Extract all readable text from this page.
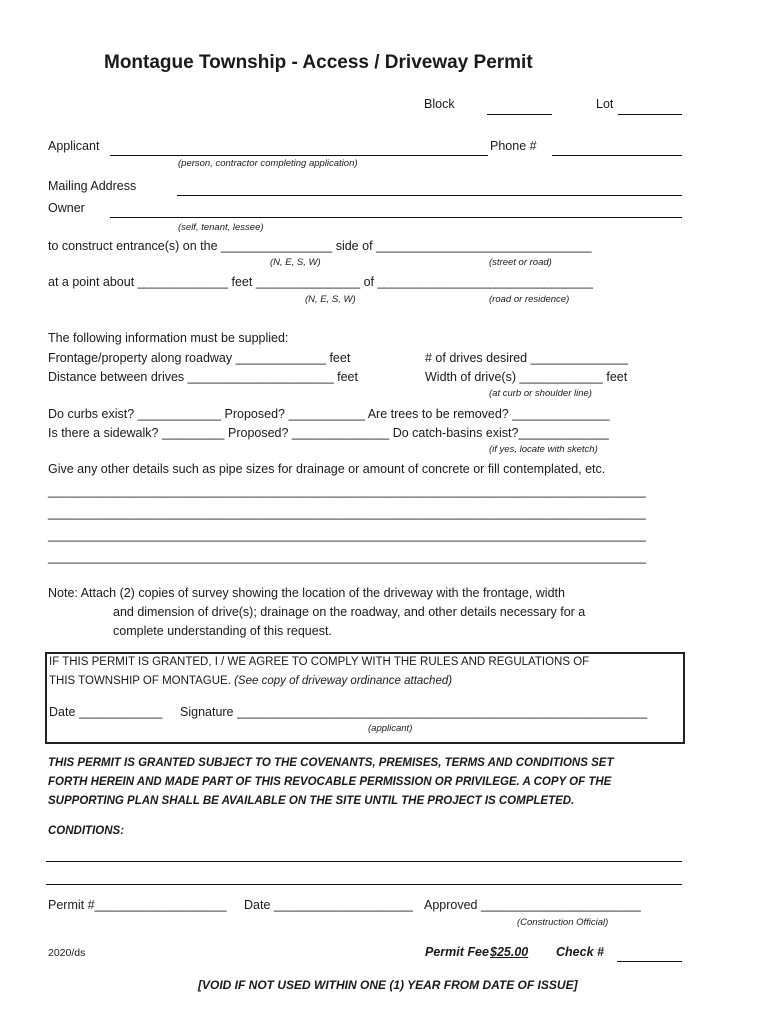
Montague Township - Access / Driveway Permit
Block	Lot
Applicant	Phone #
(person, contractor completing application)
Mailing Address
Owner
(self, tenant, lessee)
to construct entrance(s) on the ________________ side of _______________________________
(N, E, S, W)	(street or road)
at a point about _____________ feet _______________ of _______________________________
(N, E, S, W)	(road or residence)
The following information must be supplied:
Frontage/property along roadway _____________ feet	# of drives desired ______________
Distance between drives _____________________ feet	Width of drive(s) ____________ feet
(at curb or shoulder line)
Do curbs exist? ____________ Proposed? ___________ Are trees to be removed? ______________
Is there a sidewalk? _________ Proposed? ______________ Do catch-basins exist?_____________
(if yes, locate with sketch)
Give any other details such as pipe sizes for drainage or amount of concrete or fill contemplated, etc.
______________________________________________________________________________________
______________________________________________________________________________________
______________________________________________________________________________________
______________________________________________________________________________________
Note: Attach (2) copies of survey showing the location of the driveway with the frontage, width
and dimension of drive(s); drainage on the roadway, and other details necessary for a
complete understanding of this request.
IF THIS PERMIT IS GRANTED, I / WE AGREE TO COMPLY WITH THE RULES AND REGULATIONS OF
THIS TOWNSHIP OF MONTAGUE. (See copy of driveway ordinance attached)
Date ____________ Signature ___________________________________________________________
(applicant)
THIS PERMIT IS GRANTED SUBJECT TO THE COVENANTS, PREMISES, TERMS AND CONDITIONS SET
FORTH HEREIN AND MADE PART OF THIS REVOCABLE PERMISSION OR PRIVILEGE. A COPY OF THE
SUPPORTING PLAN SHALL BE AVAILABLE ON THE SITE UNTIL THE PROJECT IS COMPLETED.
CONDITIONS:
Permit #___________________ Date ____________________ Approved _______________________
(Construction Official)
2020/ds	Permit Fee $25.00 Check #
[VOID IF NOT USED WITHIN ONE (1) YEAR FROM DATE OF ISSUE]
